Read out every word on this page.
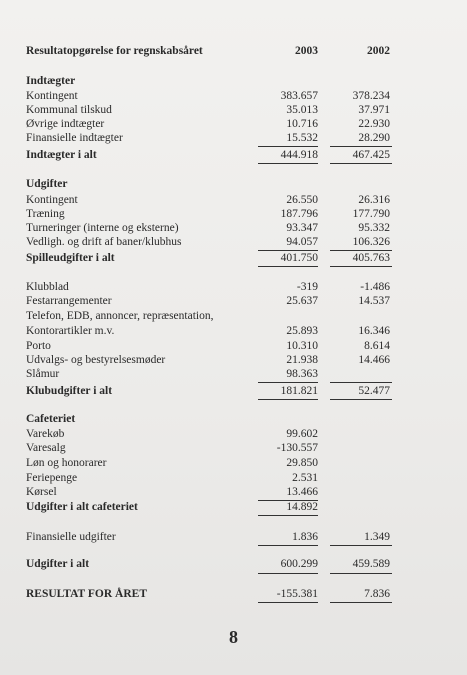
Resultatopgørelse for regnskabsåret	2003	2002
Indtægter
Kontingent	383.657	378.234
Kommunal tilskud	35.013	37.971
Øvrige indtægter	10.716	22.930
Finansielle indtægter	15.532	28.290
Indtægter i alt	444.918	467.425
Udgifter
Kontingent	26.550	26.316
Træning	187.796	177.790
Turneringer (interne og eksterne)	93.347	95.332
Vedligh. og drift af baner/klubhus	94.057	106.326
Spilleudgifter i alt	401.750	405.763
Klubblad	-319	-1.486
Festarrangementer	25.637	14.537
Telefon, EDB, annoncer, repræsentation,
Kontorartikler m.v.	25.893	16.346
Porto	10.310	8.614
Udvalgs- og bestyrelsesmøder	21.938	14.466
Slåmur	98.363
Klubudgifter i alt	181.821	52.477
Cafeteriet
Varekøb	99.602
Varesalg	-130.557
Løn og honorarer	29.850
Feriepenge	2.531
Kørsel	13.466
Udgifter i alt cafeteriet	14.892
Finansielle udgifter	1.836	1.349
Udgifter i alt	600.299	459.589
RESULTAT FOR ÅRET	-155.381	7.836
8
